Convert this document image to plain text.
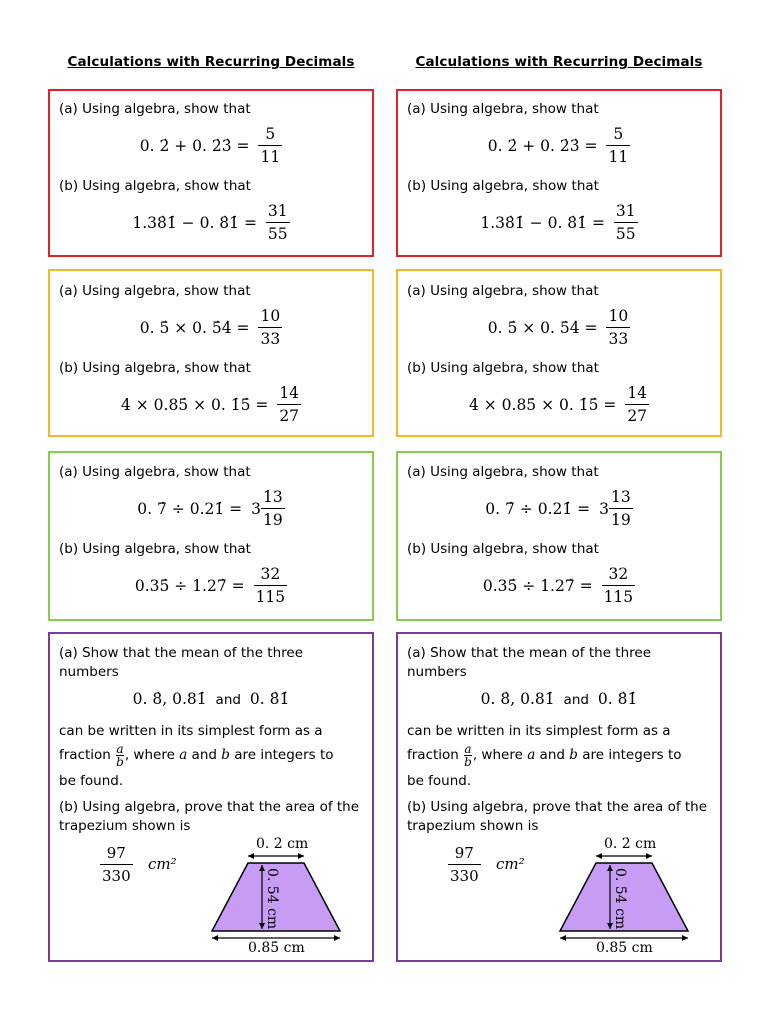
Calculations with Recurring Decimals
(a) Using algebra, show that
0. 2̇ + 0. 2̇3̇ = $\frac{5}{11}$
(b) Using algebra, show that
1.38̇1̇ − 0. 8̇1̇ = $\frac{31}{55}$
(a) Using algebra, show that
0. 5̇ × 0. 5̇4̇ = $\frac{10}{33}$
(b) Using algebra, show that
4 × 0.85̇ × 0. 1̇5̇ = $\frac{14}{27}$
(a) Using algebra, show that
0. 7̇ ÷ 0.21̇ = $3 \frac{13}{19}$
(b) Using algebra, show that
0.35̇ ÷ 1.27̇ = $\frac{32}{115}$
(a) Show that the mean of the three numbers
0. 8̇, 0.81̇ and 0. 8̇1̇
can be written in its simplest form as a
fraction $\frac{a}{b}$ , where a and b are integers to
be found.
(b) Using algebra, prove that the area of the trapezium shown is
$\frac{97}{330} cm^2$
0. 2̇ cm
0. 5̇4̇ cm
0.85̇ cm
Calculations with Recurring Decimals
(a) Using algebra, show that
0. 2̇ + 0. 2̇3̇ = $\frac{5}{11}$
(b) Using algebra, show that
1.38̇1̇ − 0. 8̇1̇ = $\frac{31}{55}$
(a) Using algebra, show that
0. 5̇ × 0. 5̇4̇ = $\frac{10}{33}$
(b) Using algebra, show that
4 × 0.85̇ × 0. 1̇5̇ = $\frac{14}{27}$
(a) Using algebra, show that
0. 7̇ ÷ 0.21̇ = $3 \frac{13}{19}$
(b) Using algebra, show that
0.35̇ ÷ 1.27̇ = $\frac{32}{115}$
(a) Show that the mean of the three numbers
0. 8̇, 0.81̇ and 0. 8̇1̇
can be written in its simplest form as a
fraction $\frac{a}{b}$ , where a and b are integers to
be found.
(b) Using algebra, prove that the area of the trapezium shown is
$\frac{97}{330} cm^2$
0. 2̇ cm
0. 5̇4̇ cm
0.85̇ cm
